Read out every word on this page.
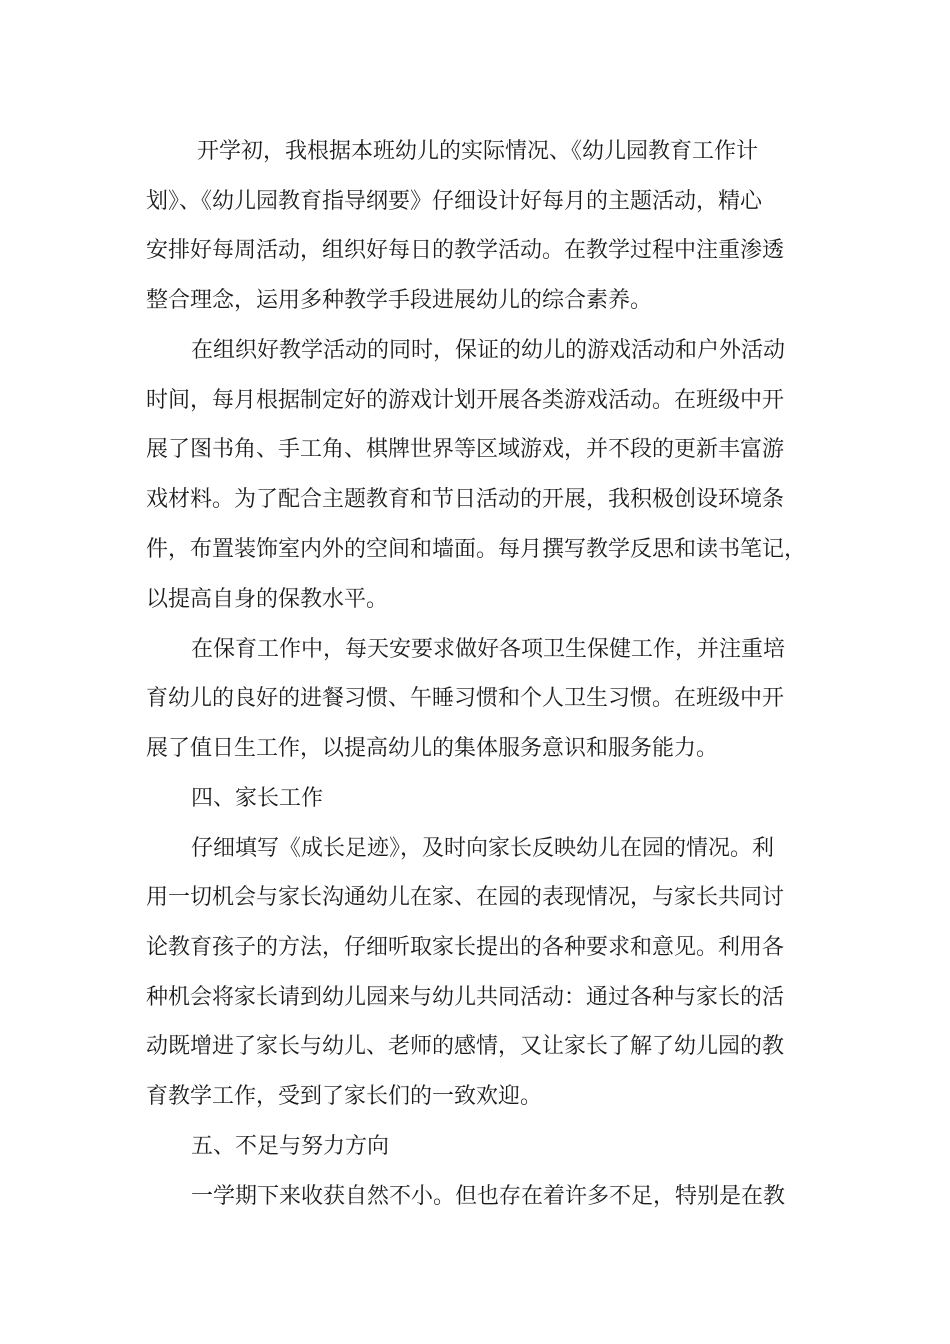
开学初，我根据本班幼儿的实际情况、《幼儿园教育工作计
划》、《幼儿园教育指导纲要》仔细设计好每月的主题活动，精心
安排好每周活动，组织好每日的教学活动。在教学过程中注重渗透
整合理念，运用多种教学手段进展幼儿的综合素养。
在组织好教学活动的同时，保证的幼儿的游戏活动和户外活动
时间，每月根据制定好的游戏计划开展各类游戏活动。在班级中开
展了图书角、手工角、棋牌世界等区域游戏，并不段的更新丰富游
戏材料。为了配合主题教育和节日活动的开展，我积极创设环境条
件，布置装饰室内外的空间和墙面。每月撰写教学反思和读书笔记，
以提高自身的保教水平。
在保育工作中，每天安要求做好各项卫生保健工作，并注重培
育幼儿的良好的进餐习惯、午睡习惯和个人卫生习惯。在班级中开
展了值日生工作，以提高幼儿的集体服务意识和服务能力。
四、家长工作
仔细填写《成长足迹》，及时向家长反映幼儿在园的情况。利
用一切机会与家长沟通幼儿在家、在园的表现情况，与家长共同讨
论教育孩子的方法，仔细听取家长提出的各种要求和意见。利用各
种机会将家长请到幼儿园来与幼儿共同活动：通过各种与家长的活
动既增进了家长与幼儿、老师的感情，又让家长了解了幼儿园的教
育教学工作，受到了家长们的一致欢迎。
五、不足与努力方向
一学期下来收获自然不小。但也存在着许多不足，特别是在教
